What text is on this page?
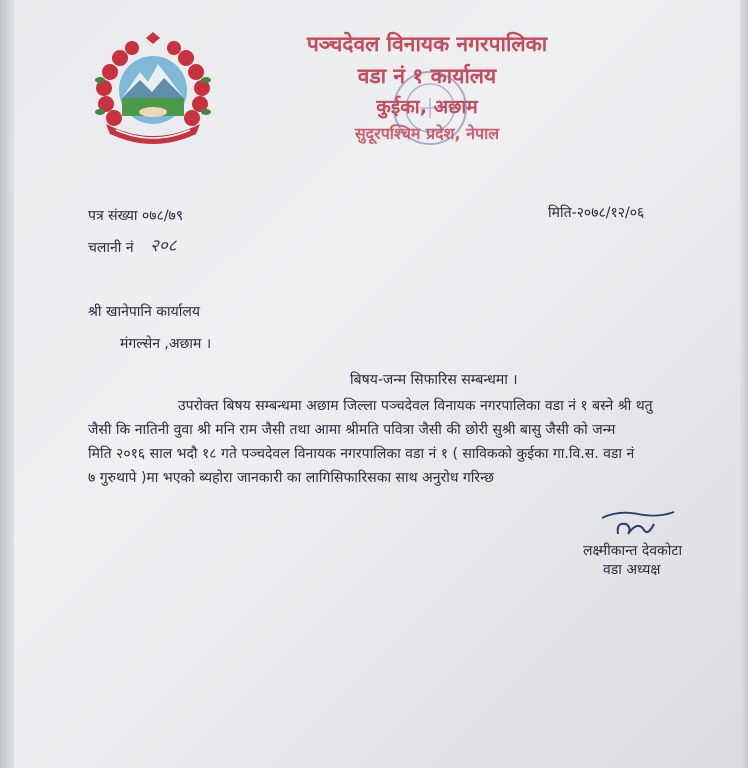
पञ्चदेवल विनायक नगरपालिका
वडा नं १ कार्यालय
कुईका, अछाम
सुदूरपश्चिम प्रदेश, नेपाल
पत्र संख्या ०७८/७९	मिति-२०७८/१२/०६
चलानी नं २०८
श्री खानेपानि कार्यालय
मंगल्सेन ,अछाम ।
बिषय-जन्म सिफारिस सम्बन्धमा ।
उपरोक्त बिषय सम्बन्धमा अछाम जिल्ला पञ्चदेवल विनायक नगरपालिका वडा नं १ बस्ने श्री थतु
जैसी कि नातिनी वुवा श्री मनि राम जैसी तथा आमा श्रीमति पवित्रा जैसी की छोरी सुश्री बासु जैसी को जन्म
मिति २०१६ साल भदौ १८ गते पञ्चदेवल विनायक नगरपालिका वडा नं १ ( साविकको कुईका गा.वि.स. वडा नं
७ गुरुथापे )मा भएको ब्यहोरा जानकारी का लागिसिफारिसका साथ अनुरोध गरिन्छ
लक्ष्मीकान्त देवकोटा
वडा अध्यक्ष
